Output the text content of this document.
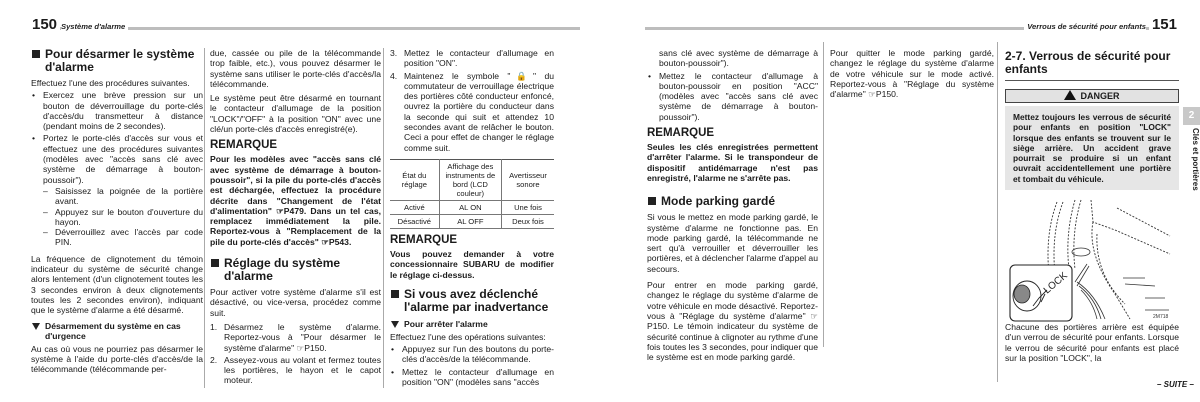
150 Système d'alarme
Pour désarmer le système d'alarme

Effectuez l'une des procédures suivantes.

• Exercez une brève pression sur un bouton de déverrouillage du porte-clés d'accès/du transmetteur à distance (pendant moins de 2 secondes).
• Portez le porte-clés d'accès sur vous et effectuez une des procédures suivantes (modèles avec "accès sans clé avec système de démarrage à bouton-poussoir").
– Saisissez la poignée de la portière avant.
– Appuyez sur le bouton d'ouverture du hayon.
– Déverrouillez avec l'accès par code PIN.

La fréquence de clignotement du témoin indicateur du système de sécurité change alors lentement (d'un clignotement toutes les 3 secondes environ à deux clignotements toutes les 2 secondes environ), indiquant que le système d'alarme a été désarmé.

Désarmement du système en cas d'urgence

Au cas où vous ne pourriez pas désarmer le système à l'aide du porte-clés d'accès/de la télécommande (télécommande per-

due, cassée ou pile de la télécommande trop faible, etc.), vous pouvez désarmer le système sans utiliser le porte-clés d'accès/la télécommande.

Le système peut être désarmé en tournant le contacteur d'allumage de la position "LOCK"/"OFF" à la position "ON" avec une clé/un porte-clés d'accès enregistré(e).

REMARQUE

Pour les modèles avec "accès sans clé avec système de démarrage à bouton-poussoir", si la pile du porte-clés d'accès est déchargée, effectuez la procédure décrite dans "Changement de l'état d'alimentation" ☞P479. Dans un tel cas, remplacez immédiatement la pile. Reportez-vous à "Remplacement de la pile du porte-clés d'accès" ☞P543.

Réglage du système d'alarme

Pour activer votre système d'alarme s'il est désactivé, ou vice-versa, procédez comme suit.

1. Désarmez le système d'alarme. Reportez-vous à "Pour désarmer le système d'alarme" ☞P150.
2. Asseyez-vous au volant et fermez toutes les portières, le hayon et le capot moteur.
3. Mettez le contacteur d'allumage en position "ON".
4. Maintenez le symbole "🔒" du commutateur de verrouillage électrique des portières côté conducteur enfoncé, ouvrez la portière du conducteur dans la seconde qui suit et attendez 10 secondes avant de relâcher le bouton. Ceci a pour effet de changer le réglage comme suit.
État du réglage	Affichage des instruments de bord (LCD couleur)	Avertisseur sonore
Activé	AL ON	Une fois
Désactivé	AL OFF	Deux fois
REMARQUE

Vous pouvez demander à votre concessionnaire SUBARU de modifier le réglage ci-dessus.

Si vous avez déclenché l'alarme par inadvertance
Pour arrêter l'alarme

Effectuez l'une des opérations suivantes:

• Appuyez sur l'un des boutons du porte-clés d'accès/de la télécommande.
• Mettez le contacteur d'allumage en position "ON" (modèles sans "accès
Verrous de sécurité pour enfants 151

sans clé avec système de démarrage à bouton-poussoir").

• Mettez le contacteur d'allumage à bouton-poussoir en position "ACC" (modèles avec "accès sans clé avec système de démarrage à bouton-poussoir").
REMARQUE

Seules les clés enregistrées permettent d'arrêter l'alarme. Si le transpondeur de dispositif antidémarrage n'est pas enregistré, l'alarme ne s'arrête pas.

Mode parking gardé

Si vous le mettez en mode parking gardé, le système d'alarme ne fonctionne pas. En mode parking gardé, la télécommande ne sert qu'à verrouiller et déverrouiller les portières, et à déclencher l'alarme d'appel au secours.

Pour entrer en mode parking gardé, changez le réglage du système d'alarme de votre véhicule en mode désactivé. Reportez-vous à "Réglage du système d'alarme" ☞P150. Le témoin indicateur du système de sécurité continue à clignoter au rythme d'une fois toutes les 3 secondes, pour indiquer que le système est en mode parking gardé.

Pour quitter le mode parking gardé, changez le réglage du système d'alarme de votre véhicule sur le mode activé. Reportez-vous à "Réglage du système d'alarme" ☞P150.

2-7. Verrous de sécurité pour enfants
DANGER
Mettez toujours les verrous de sécurité pour enfants en position "LOCK" lorsque des enfants se trouvent sur le siège arrière. Un accident grave pourrait se produire si un enfant ouvrait accidentellement une portière et tombait du véhicule.
LOCK
2M718

Chacune des portières arrière est équipée d'un verrou de sécurité pour enfants. Lorsque le verrou de sécurité pour enfants est placé sur la position "LOCK", la

– SUITE –
2
Clés et portières
